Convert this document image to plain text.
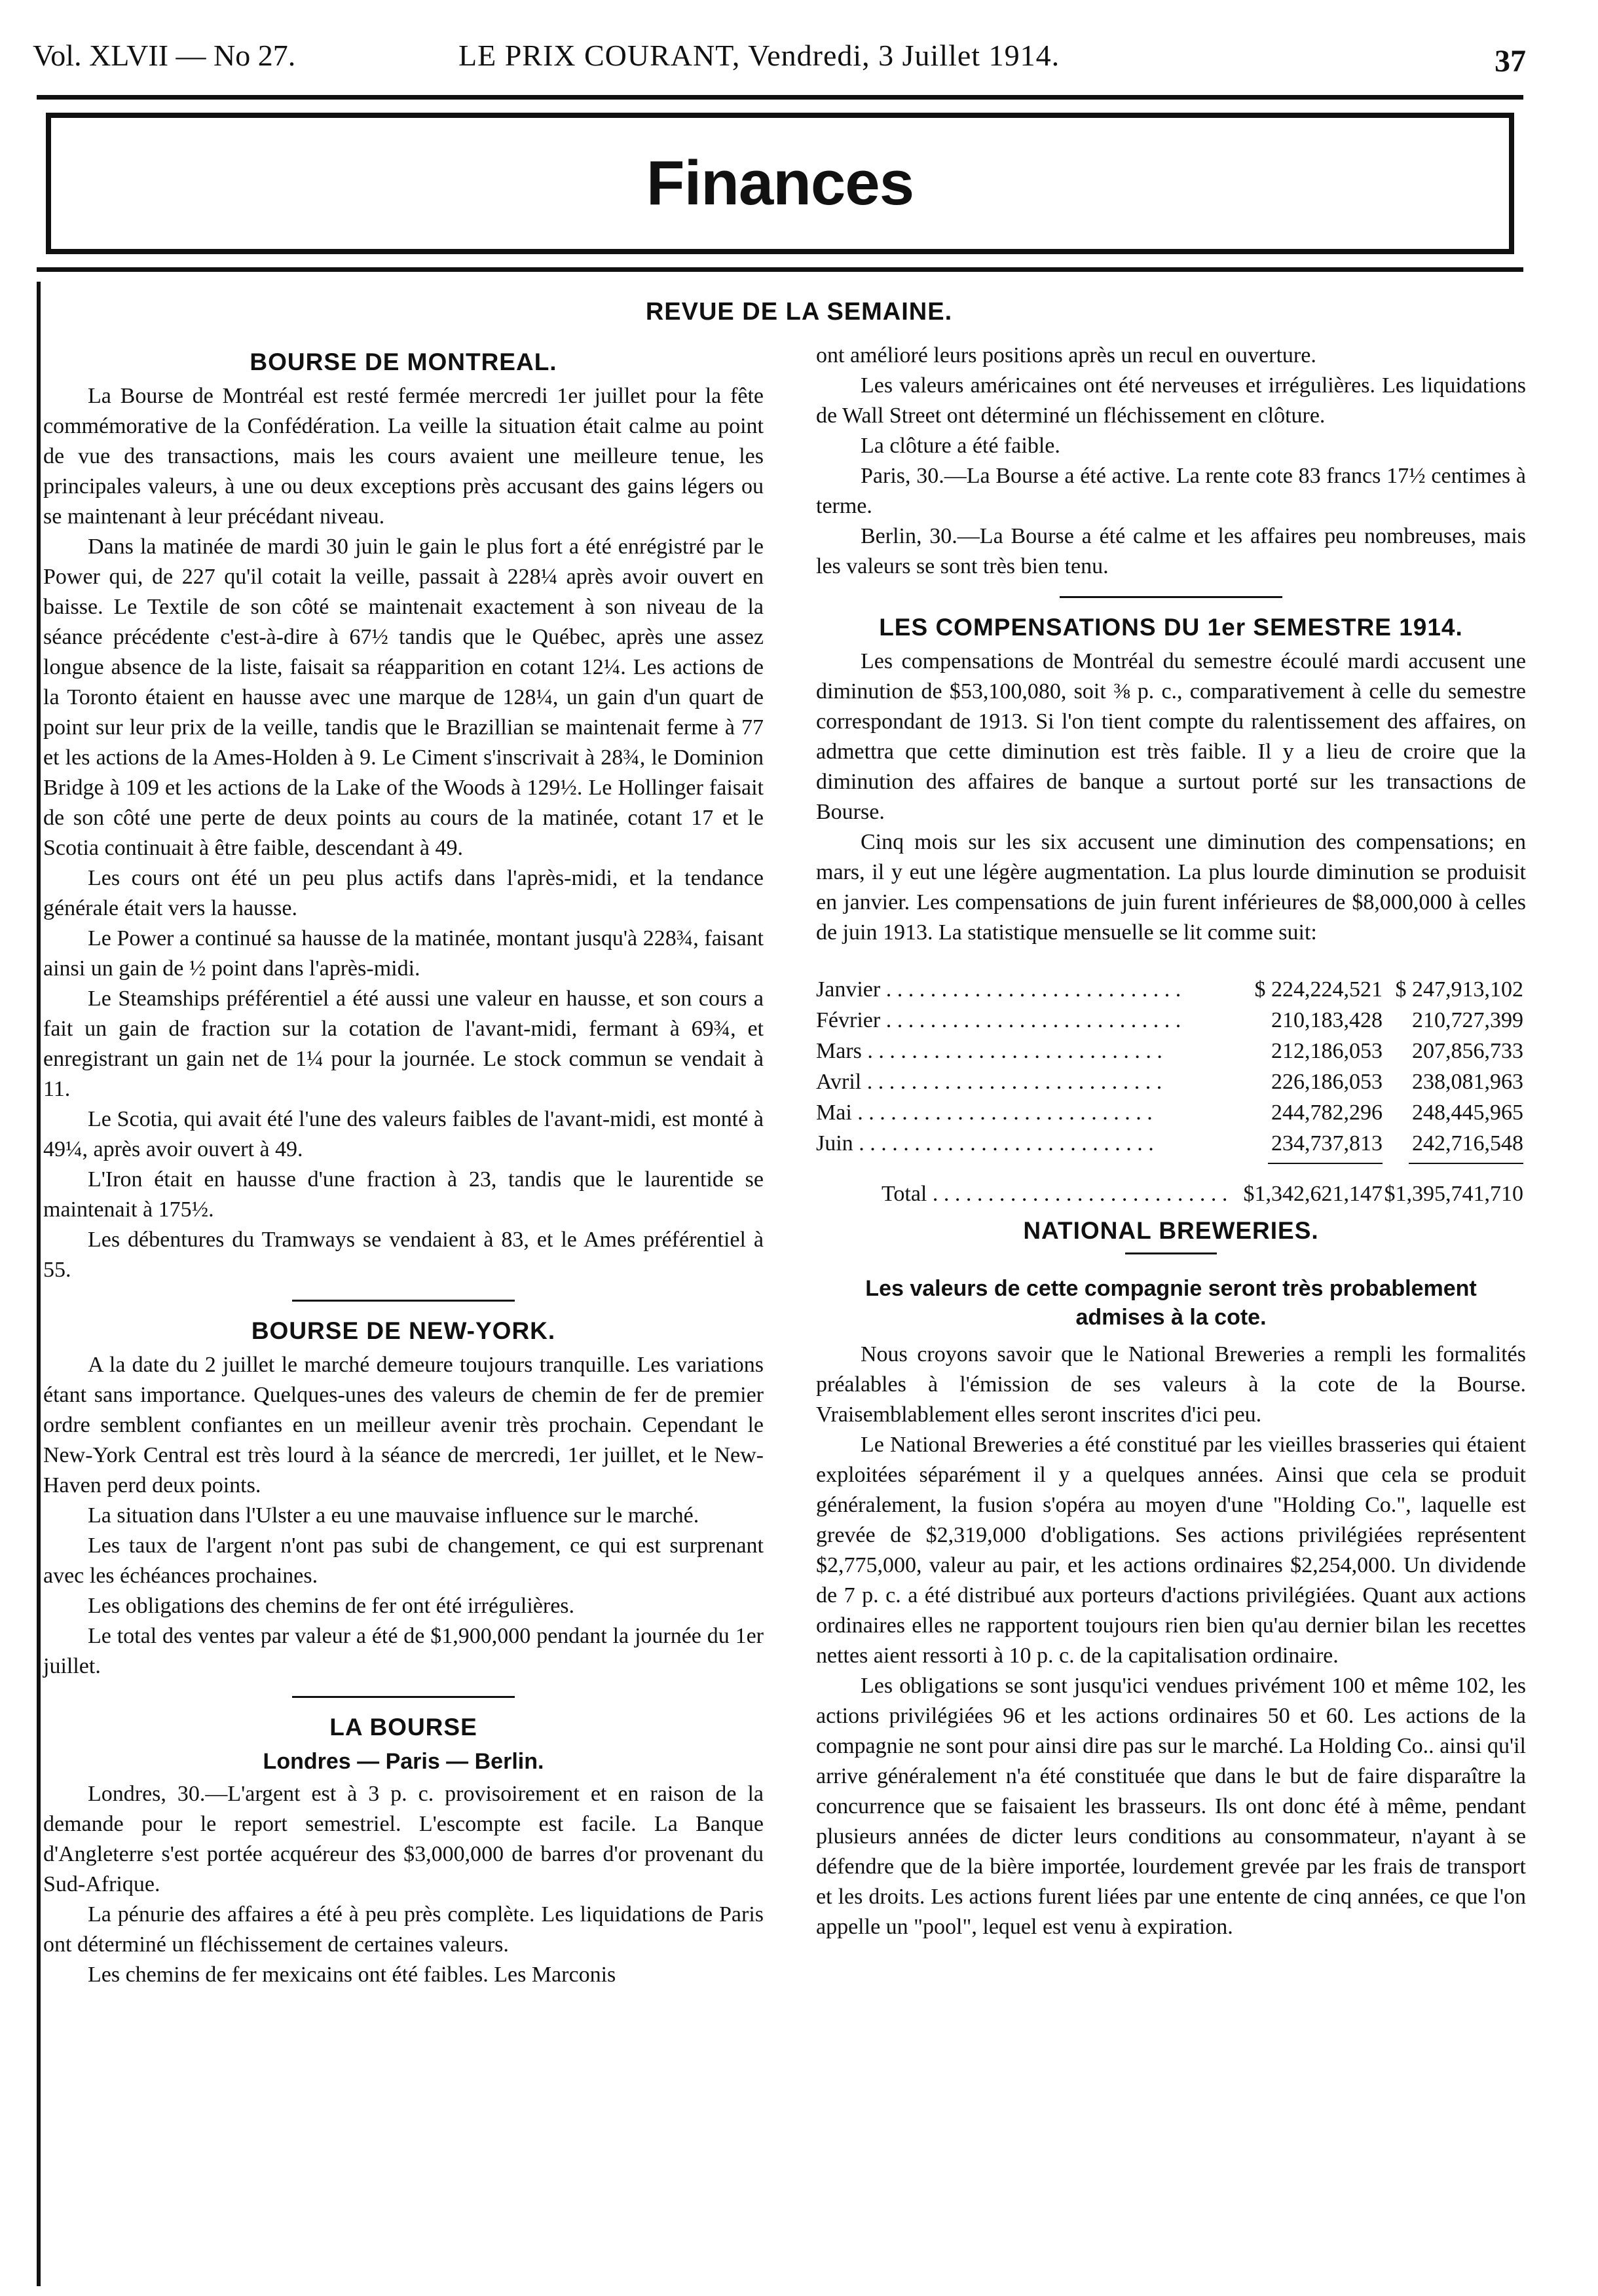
Vol. XLVII — No 27.	LE PRIX COURANT, Vendredi, 3 Juillet 1914.	37
Finances
REVUE DE LA SEMAINE.
BOURSE DE MONTREAL.

La Bourse de Montréal est resté fermée mercredi 1er juillet pour la fête commémorative de la Confédération. La veille la situation était calme au point de vue des transactions, mais les cours avaient une meilleure tenue, les principales valeurs, à une ou deux exceptions près accusant des gains légers ou se maintenant à leur précédant niveau.

Dans la matinée de mardi 30 juin le gain le plus fort a été enrégistré par le Power qui, de 227 qu'il cotait la veille, passait à 228¼ après avoir ouvert en baisse. Le Textile de son côté se maintenait exactement à son niveau de la séance précédente c'est-à-dire à 67½ tandis que le Québec, après une assez longue absence de la liste, faisait sa réapparition en cotant 12¼. Les actions de la Toronto étaient en hausse avec une marque de 128¼, un gain d'un quart de point sur leur prix de la veille, tandis que le Brazillian se maintenait ferme à 77 et les actions de la Ames-Holden à 9. Le Ciment s'inscrivait à 28¾, le Dominion Bridge à 109 et les actions de la Lake of the Woods à 129½. Le Hollinger faisait de son côté une perte de deux points au cours de la matinée, cotant 17 et le Scotia continuait à être faible, descendant à 49.

Les cours ont été un peu plus actifs dans l'après-midi, et la tendance générale était vers la hausse.

Le Power a continué sa hausse de la matinée, montant jusqu'à 228¾, faisant ainsi un gain de ½ point dans l'après-midi.

Le Steamships préférentiel a été aussi une valeur en hausse, et son cours a fait un gain de fraction sur la cotation de l'avant-midi, fermant à 69¾, et enregistrant un gain net de 1¼ pour la journée. Le stock commun se vendait à 11.

Le Scotia, qui avait été l'une des valeurs faibles de l'avant-midi, est monté à 49¼, après avoir ouvert à 49.

L'Iron était en hausse d'une fraction à 23, tandis que le laurentide se maintenait à 175½.

Les débentures du Tramways se vendaient à 83, et le Ames préférentiel à 55.

BOURSE DE NEW-YORK.

A la date du 2 juillet le marché demeure toujours tranquille. Les variations étant sans importance. Quelques-unes des valeurs de chemin de fer de premier ordre semblent confiantes en un meilleur avenir très prochain. Cependant le New-York Central est très lourd à la séance de mercredi, 1er juillet, et le New-Haven perd deux points.

La situation dans l'Ulster a eu une mauvaise influence sur le marché.

Les taux de l'argent n'ont pas subi de changement, ce qui est surprenant avec les échéances prochaines.

Les obligations des chemins de fer ont été irrégulières.

Le total des ventes par valeur a été de $1,900,000 pendant la journée du 1er juillet.

LA BOURSE
Londres — Paris — Berlin.

Londres, 30.—L'argent est à 3 p. c. provisoirement et en raison de la demande pour le report semestriel. L'escompte est facile. La Banque d'Angleterre s'est portée acquéreur des $3,000,000 de barres d'or provenant du Sud-Afrique.

La pénurie des affaires a été à peu près complète. Les liquidations de Paris ont déterminé un fléchissement de certaines valeurs.

Les chemins de fer mexicains ont été faibles. Les Marconis

ont amélioré leurs positions après un recul en ouverture.

Les valeurs américaines ont été nerveuses et irrégulières. Les liquidations de Wall Street ont déterminé un fléchissement en clôture.

La clôture a été faible.

Paris, 30.—La Bourse a été active. La rente cote 83 francs 17½ centimes à terme.

Berlin, 30.—La Bourse a été calme et les affaires peu nombreuses, mais les valeurs se sont très bien tenu.

LES COMPENSATIONS DU 1er SEMESTRE 1914.

Les compensations de Montréal du semestre écoulé mardi accusent une diminution de $53,100,080, soit ⅜ p. c., comparativement à celle du semestre correspondant de 1913. Si l'on tient compte du ralentissement des affaires, on admettra que cette diminution est très faible. Il y a lieu de croire que la diminution des affaires de banque a surtout porté sur les transactions de Bourse.

Cinq mois sur les six accusent une diminution des compensations; en mars, il y eut une légère augmentation. La plus lourde diminution se produisit en janvier. Les compensations de juin furent inférieures de $8,000,000 à celles de juin 1913. La statistique mensuelle se lit comme suit:

Janvier . . .	$ 224,224,521 $ 247,913,102
Février . . .	210,183,428	210,727,399
Mars . . .	212,186,053	207,856,733
Avril . . .	226,186,053	238,081,963
Mai . . .	244,782,296	248,445,965
Juin . . .	234,737,813	242,716,548
Total . . .	$1,342,621,147 $1,395,741,710
NATIONAL BREWERIES.
Les valeurs de cette compagnie seront très probablement admises à la cote.

Nous croyons savoir que le National Breweries a rempli les formalités préalables à l'émission de ses valeurs à la cote de la Bourse. Vraisemblablement elles seront inscrites d'ici peu.

Le National Breweries a été constitué par les vieilles brasseries qui étaient exploitées séparément il y a quelques années. Ainsi que cela se produit généralement, la fusion s'opéra au moyen d'une "Holding Co.", laquelle est grevée de $2,319,000 d'obligations. Ses actions privilégiées représentent $2,775,000, valeur au pair, et les actions ordinaires $2,254,000. Un dividende de 7 p. c. a été distribué aux porteurs d'actions privilégiées. Quant aux actions ordinaires elles ne rapportent toujours rien bien qu'au dernier bilan les recettes nettes aient ressorti à 10 p. c. de la capitalisation ordinaire.

Les obligations se sont jusqu'ici vendues privément 100 et même 102, les actions privilégiées 96 et les actions ordinaires 50 et 60. Les actions de la compagnie ne sont pour ainsi dire pas sur le marché. La Holding Co.. ainsi qu'il arrive généralement n'a été constituée que dans le but de faire disparaître la concurrence que se faisaient les brasseurs. Ils ont donc été à même, pendant plusieurs années de dicter leurs conditions au consommateur, n'ayant à se défendre que de la bière importée, lourdement grevée par les frais de transport et les droits. Les actions furent liées par une entente de cinq années, ce que l'on appelle un "pool", lequel est venu à expiration.
